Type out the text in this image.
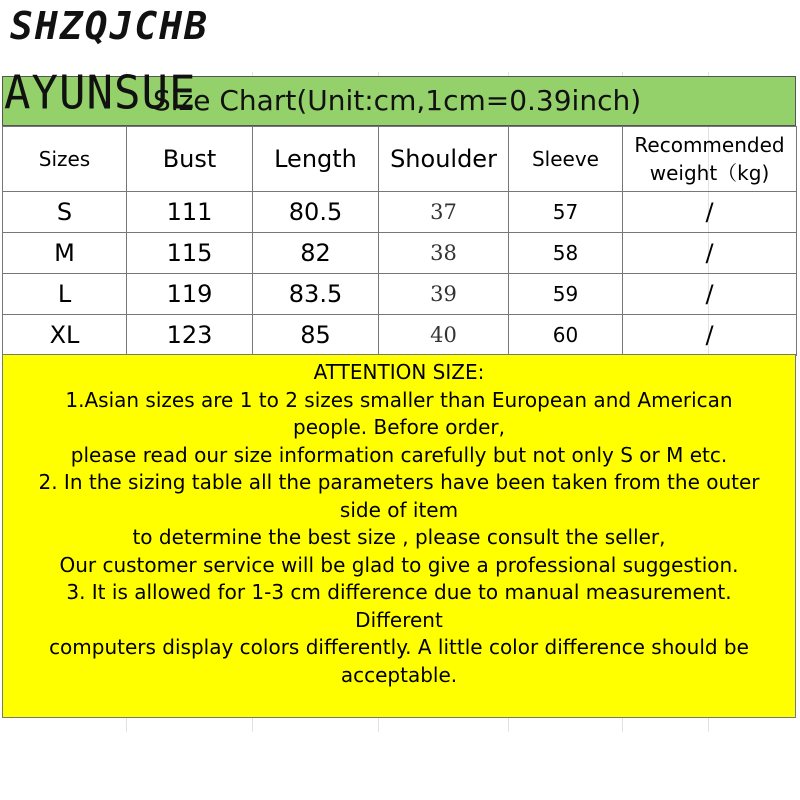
SHZQJCHB
Size Chart(Unit:cm,1cm=0.39inch)
AYUNSUE
Sizes	Bust	Length	Shoulder	Sleeve	Recommended
weight（kg)
S	111	80.5	37	57	/
M	115	82	38	58	/
L	119	83.5	39	59	/
XL	123	85	40	60	/
ATTENTION SIZE:
1.Asian sizes are 1 to 2 sizes smaller than European and American
people. Before order,
please read our size information carefully but not only S or M etc.
2. In the sizing table all the parameters have been taken from the outer
side of item
to determine the best size , please consult the seller,
Our customer service will be glad to give a professional suggestion.
3. It is allowed for 1-3 cm difference due to manual measurement.
Different
computers display colors differently. A little color difference should be
acceptable.
